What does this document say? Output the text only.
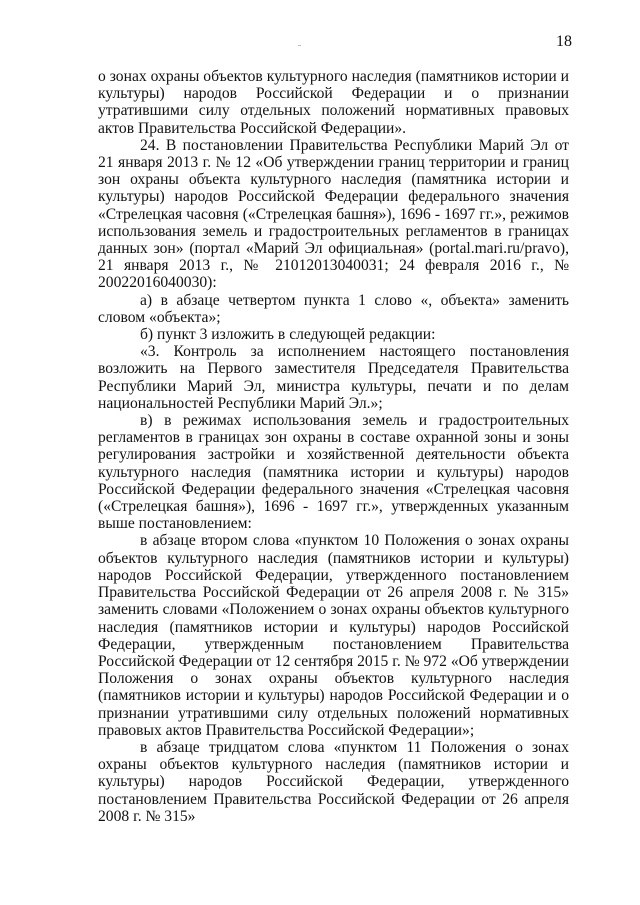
18

о зонах охраны объектов культурного наследия (памятников истории и культуры) народов Российской Федерации и о признании утратившими силу отдельных положений нормативных правовых актов Правительства Российской Федерации».

24. В постановлении Правительства Республики Марий Эл от 21 января 2013 г. № 12 «Об утверждении границ территории и границ зон охраны объекта культурного наследия (памятника истории и культуры) народов Российской Федерации федерального значения «Стрелецкая часовня («Стрелецкая башня»), 1696 - 1697 гг.», режимов использования земель и градостроительных регламентов в границах данных зон» (портал «Марий Эл официальная» (portal.mari.ru/pravo), 21 января 2013 г., № 21012013040031; 24 февраля 2016 г., № 20022016040030):

а) в абзаце четвертом пункта 1 слово «, объекта» заменить словом «объекта»;

б) пункт 3 изложить в следующей редакции:

«3. Контроль за исполнением настоящего постановления возложить на Первого заместителя Председателя Правительства Республики Марий Эл, министра культуры, печати и по делам национальностей Республики Марий Эл.»;

в) в режимах использования земель и градостроительных регламентов в границах зон охраны в составе охранной зоны и зоны регулирования застройки и хозяйственной деятельности объекта культурного наследия (памятника истории и культуры) народов Российской Федерации федерального значения «Стрелецкая часовня («Стрелецкая башня»), 1696 - 1697 гг.», утвержденных указанным выше постановлением:

в абзаце втором слова «пунктом 10 Положения о зонах охраны объектов культурного наследия (памятников истории и культуры) народов Российской Федерации, утвержденного постановлением Правительства Российской Федерации от 26 апреля 2008 г. № 315» заменить словами «Положением о зонах охраны объектов культурного наследия (памятников истории и культуры) народов Российской Федерации, утвержденным постановлением Правительства Российской Федерации от 12 сентября 2015 г. № 972 «Об утверждении Положения о зонах охраны объектов культурного наследия (памятников истории и культуры) народов Российской Федерации и о признании утратившими силу отдельных положений нормативных правовых актов Правительства Российской Федерации»;

в абзаце тридцатом слова «пунктом 11 Положения о зонах охраны объектов культурного наследия (памятников истории и культуры) народов Российской Федерации, утвержденного постановлением Правительства Российской Федерации от 26 апреля 2008 г. № 315»
